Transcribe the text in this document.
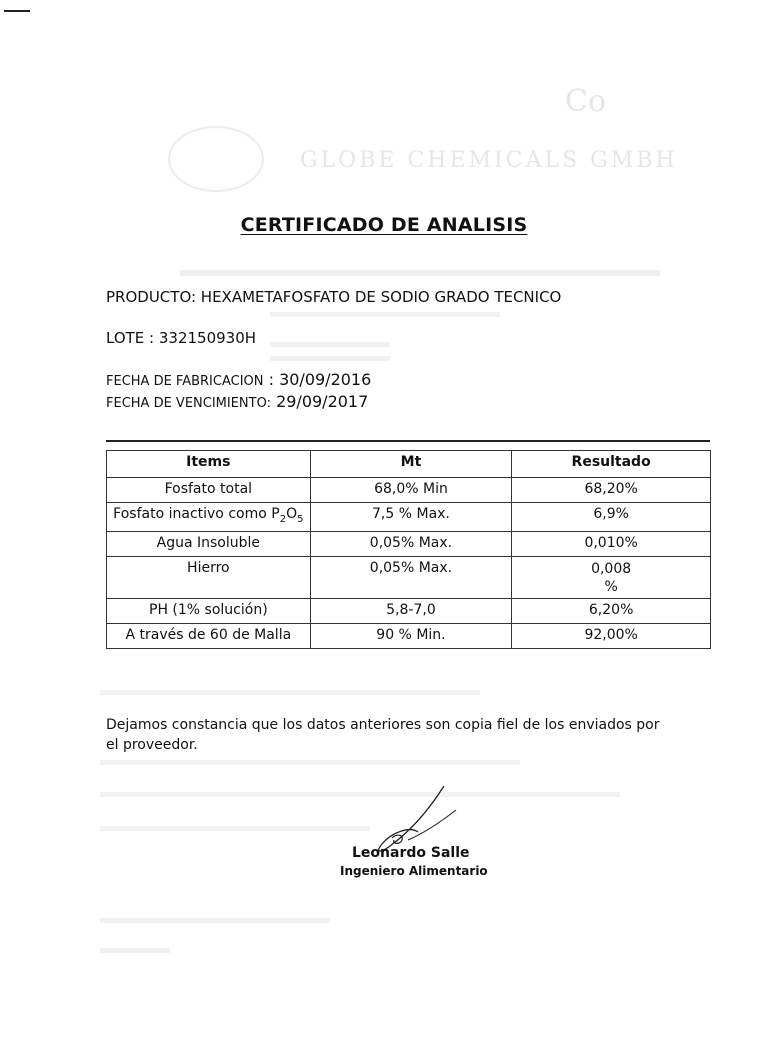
GLOBE CHEMICALS GMBH
Co
CERTIFICADO DE ANALISIS
PRODUCTO: HEXAMETAFOSFATO DE SODIO GRADO TECNICO
LOTE : 332150930H
FECHA DE FABRICACION : 30/09/2016
FECHA DE VENCIMIENTO: 29/09/2017
Items	Mt	Resultado
Fosfato total	68,0% Min	68,20%
Fosfato inactivo como $P_2O_5$	7,5 % Max.	6,9%
Agua Insoluble	0,05% Max.	0,010%
Hierro	0,05% Max.	0,008 %
PH (1% solución)	5,8-7,0	6,20%
A través de 60 de Malla	90 % Min.	92,00%
Dejamos constancia que los datos anteriores son copia fiel de los enviados por el proveedor.
Leonardo Salle
Ingeniero Alimentario
